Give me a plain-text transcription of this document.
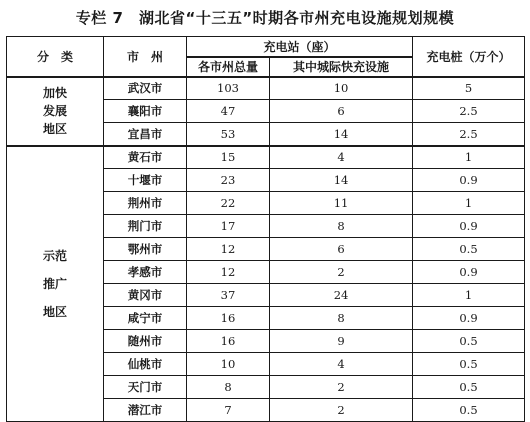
专栏 7　湖北省“十三五”时期各市州充电设施规划规模
分　类	市　州	充电站（座）		充电桩（万个）
		各市州总量	其中城际快充设施	

加快
发展
地区	武汉市	103	10	5
	襄阳市	47	6	2.5
	宜昌市	53	14	2.5

示范
推广
地区	黄石市	15	4	1
	十堰市	23	14	0.9
	荆州市	22	11	1
	荆门市	17	8	0.9
	鄂州市	12	6	0.5
	孝感市	12	2	0.9
	黄冈市	37	24	1
	咸宁市	16	8	0.9
	随州市	16	9	0.5
	仙桃市	10	4	0.5
	天门市	8	2	0.5
	潜江市	7	2	0.5
